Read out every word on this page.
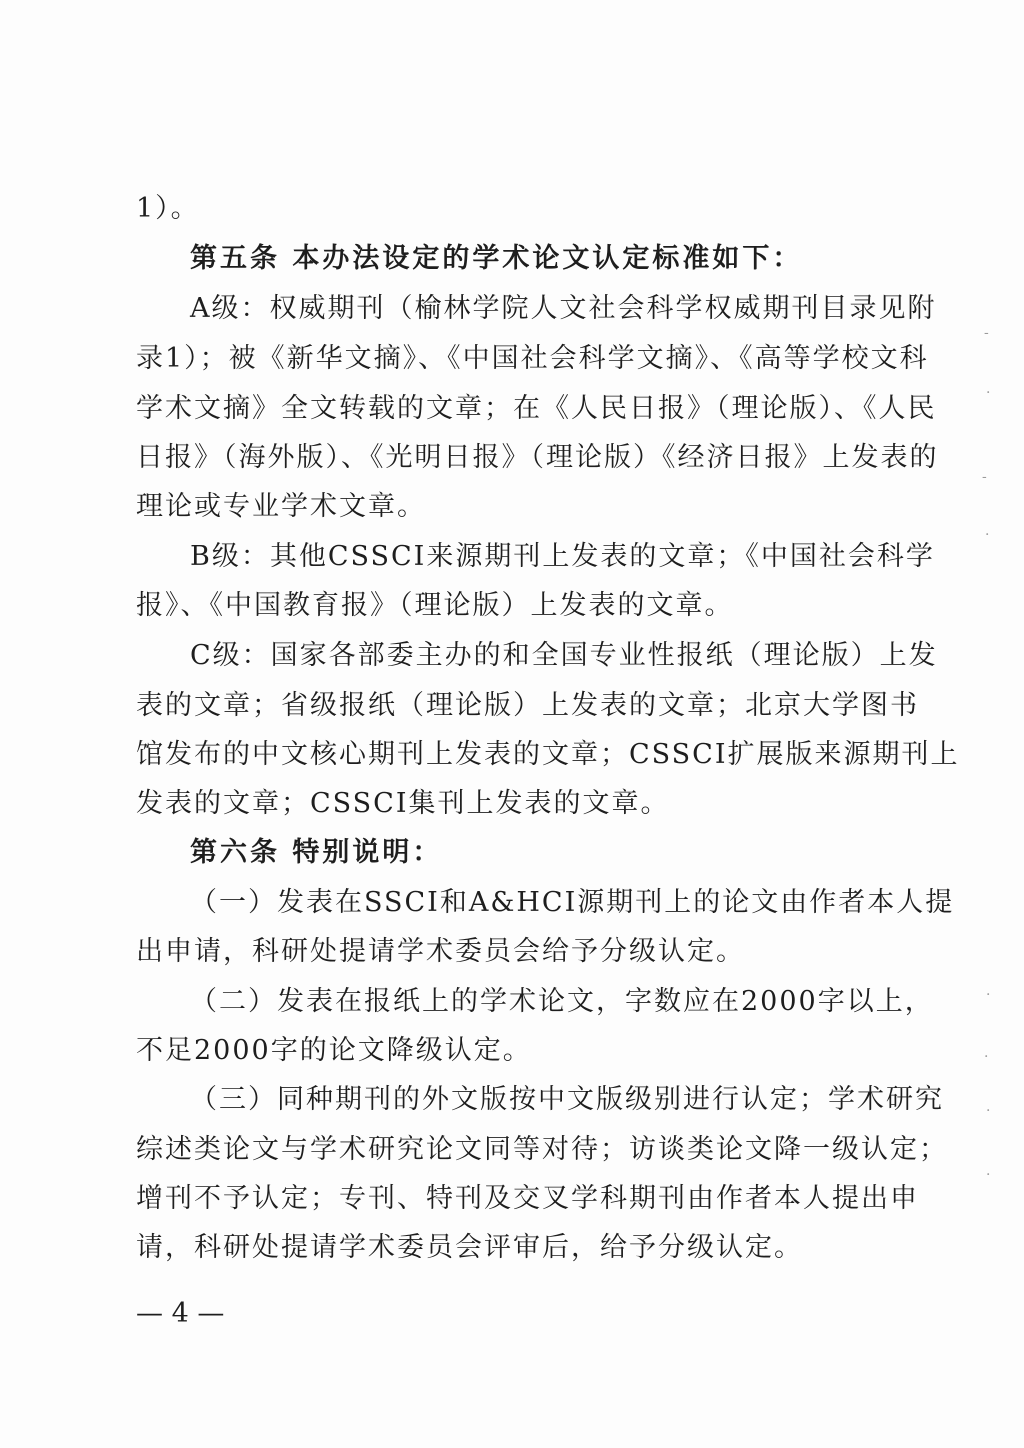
1）。
第五条 本办法设定的学术论文认定标准如下：
A级：权威期刊（榆林学院人文社会科学权威期刊目录见附
录1）；被《新华文摘》、《中国社会科学文摘》、《高等学校文科
学术文摘》全文转载的文章；在《人民日报》（理论版）、《人民
日报》（海外版）、《光明日报》（理论版）《经济日报》上发表的
理论或专业学术文章。
B级：其他CSSCI来源期刊上发表的文章；《中国社会科学
报》、《中国教育报》（理论版）上发表的文章。
C级：国家各部委主办的和全国专业性报纸（理论版）上发
表的文章；省级报纸（理论版）上发表的文章；北京大学图书
馆发布的中文核心期刊上发表的文章；CSSCI扩展版来源期刊上
发表的文章；CSSCI集刊上发表的文章。
第六条 特别说明：
（一）发表在SSCI和A&HCI源期刊上的论文由作者本人提
出申请，科研处提请学术委员会给予分级认定。
（二）发表在报纸上的学术论文，字数应在2000字以上，
不足2000字的论文降级认定。
（三）同种期刊的外文版按中文版级别进行认定；学术研究
综述类论文与学术研究论文同等对待；访谈类论文降一级认定；
增刊不予认定；专刊、特刊及交叉学科期刊由作者本人提出申
请，科研处提请学术委员会评审后，给予分级认定。
— 4 —
-
·
-
·
·
·
·
·
